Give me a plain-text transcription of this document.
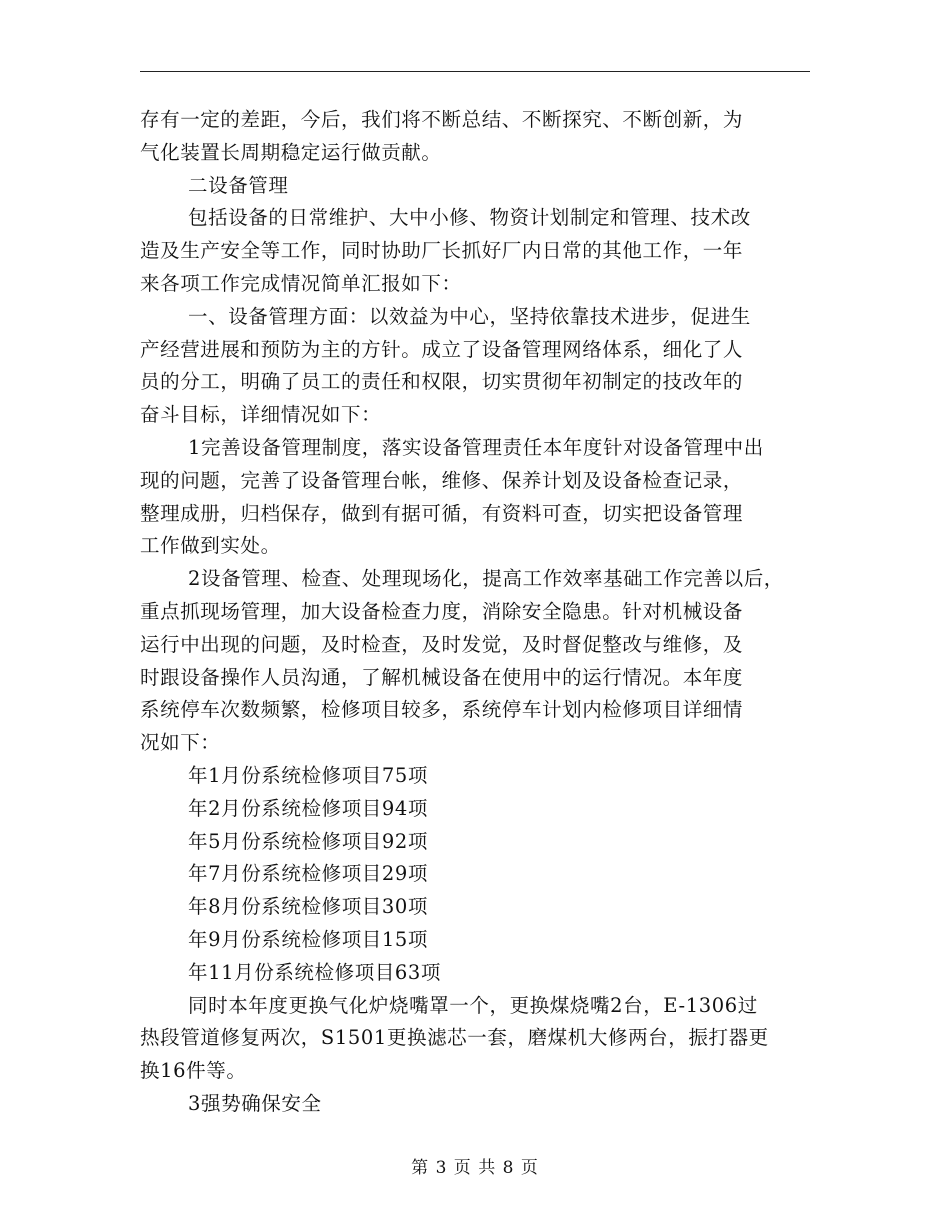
存有一定的差距，今后，我们将不断总结、不断探究、不断创新，为
气化装置长周期稳定运行做贡献。
二设备管理
包括设备的日常维护、大中小修、物资计划制定和管理、技术改
造及生产安全等工作，同时协助厂长抓好厂内日常的其他工作，一年
来各项工作完成情况简单汇报如下：
一、设备管理方面：以效益为中心，坚持依靠技术进步，促进生
产经营进展和预防为主的方针。成立了设备管理网络体系，细化了人
员的分工，明确了员工的责任和权限，切实贯彻年初制定的技改年的
奋斗目标，详细情况如下：
1完善设备管理制度，落实设备管理责任本年度针对设备管理中出
现的问题，完善了设备管理台帐，维修、保养计划及设备检查记录，
整理成册，归档保存，做到有据可循，有资料可查，切实把设备管理
工作做到实处。
2设备管理、检查、处理现场化，提高工作效率基础工作完善以后，
重点抓现场管理，加大设备检查力度，消除安全隐患。针对机械设备
运行中出现的问题，及时检查，及时发觉，及时督促整改与维修，及
时跟设备操作人员沟通，了解机械设备在使用中的运行情况。本年度
系统停车次数频繁，检修项目较多，系统停车计划内检修项目详细情
况如下：
年1月份系统检修项目75项
年2月份系统检修项目94项
年5月份系统检修项目92项
年7月份系统检修项目29项
年8月份系统检修项目30项
年9月份系统检修项目15项
年11月份系统检修项目63项
同时本年度更换气化炉烧嘴罩一个，更换煤烧嘴2台，E-1306过
热段管道修复两次，S1501更换滤芯一套，磨煤机大修两台，振打器更
换16件等。
3强势确保安全
第 3 页 共 8 页
